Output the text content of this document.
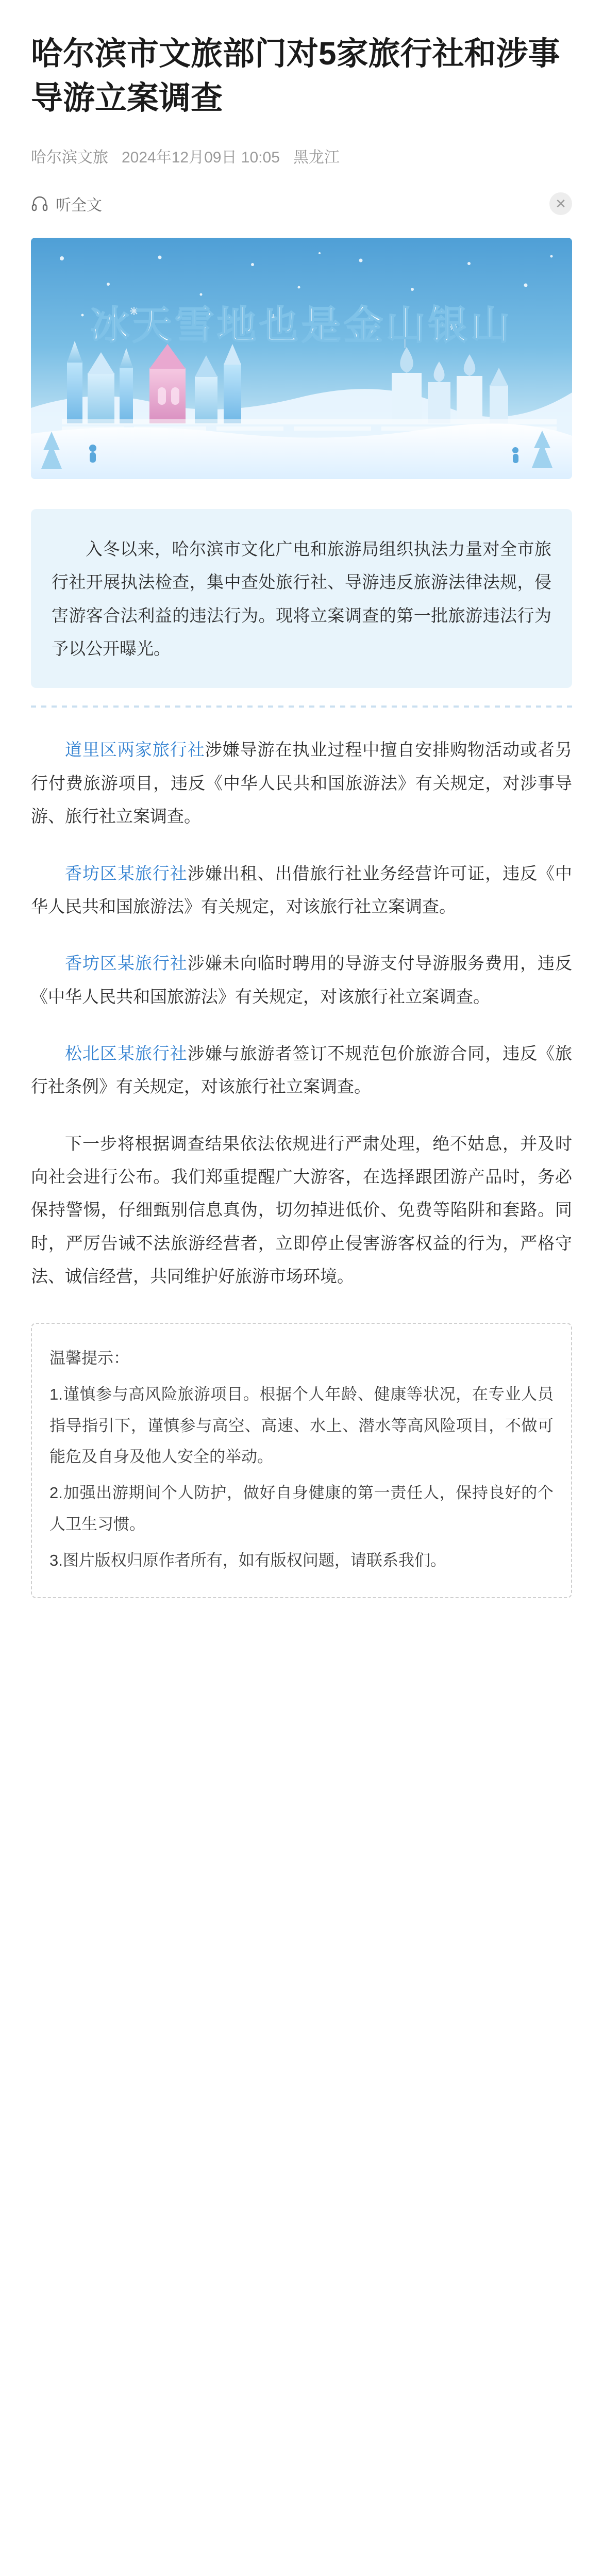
哈尔滨市文旅部门对5家旅行社和涉事导游立案调查
哈尔滨文旅 2024年12月09日 10:05 黑龙江
听全文	✕
冰天雪地也是金山银山

入冬以来，哈尔滨市文化广电和旅游局组织执法力量对全市旅行社开展执法检查，集中查处旅行社、导游违反旅游法律法规，侵害游客合法利益的违法行为。现将立案调查的第一批旅游违法行为予以公开曝光。

道里区两家旅行社涉嫌导游在执业过程中擅自安排购物活动或者另行付费旅游项目，违反《中华人民共和国旅游法》有关规定，对涉事导游、旅行社立案调查。

香坊区某旅行社涉嫌出租、出借旅行社业务经营许可证，违反《中华人民共和国旅游法》有关规定，对该旅行社立案调查。

香坊区某旅行社涉嫌未向临时聘用的导游支付导游服务费用，违反《中华人民共和国旅游法》有关规定，对该旅行社立案调查。

松北区某旅行社涉嫌与旅游者签订不规范包价旅游合同，违反《旅行社条例》有关规定，对该旅行社立案调查。

下一步将根据调查结果依法依规进行严肃处理，绝不姑息，并及时向社会进行公布。我们郑重提醒广大游客，在选择跟团游产品时，务必保持警惕，仔细甄别信息真伪，切勿掉进低价、免费等陷阱和套路。同时，严厉告诫不法旅游经营者，立即停止侵害游客权益的行为，严格守法、诚信经营，共同维护好旅游市场环境。

温馨提示：

1.谨慎参与高风险旅游项目。根据个人年龄、健康等状况，在专业人员指导指引下，谨慎参与高空、高速、水上、潜水等高风险项目，不做可能危及自身及他人安全的举动。

2.加强出游期间个人防护，做好自身健康的第一责任人，保持良好的个人卫生习惯。

3.图片版权归原作者所有，如有版权问题，请联系我们。
